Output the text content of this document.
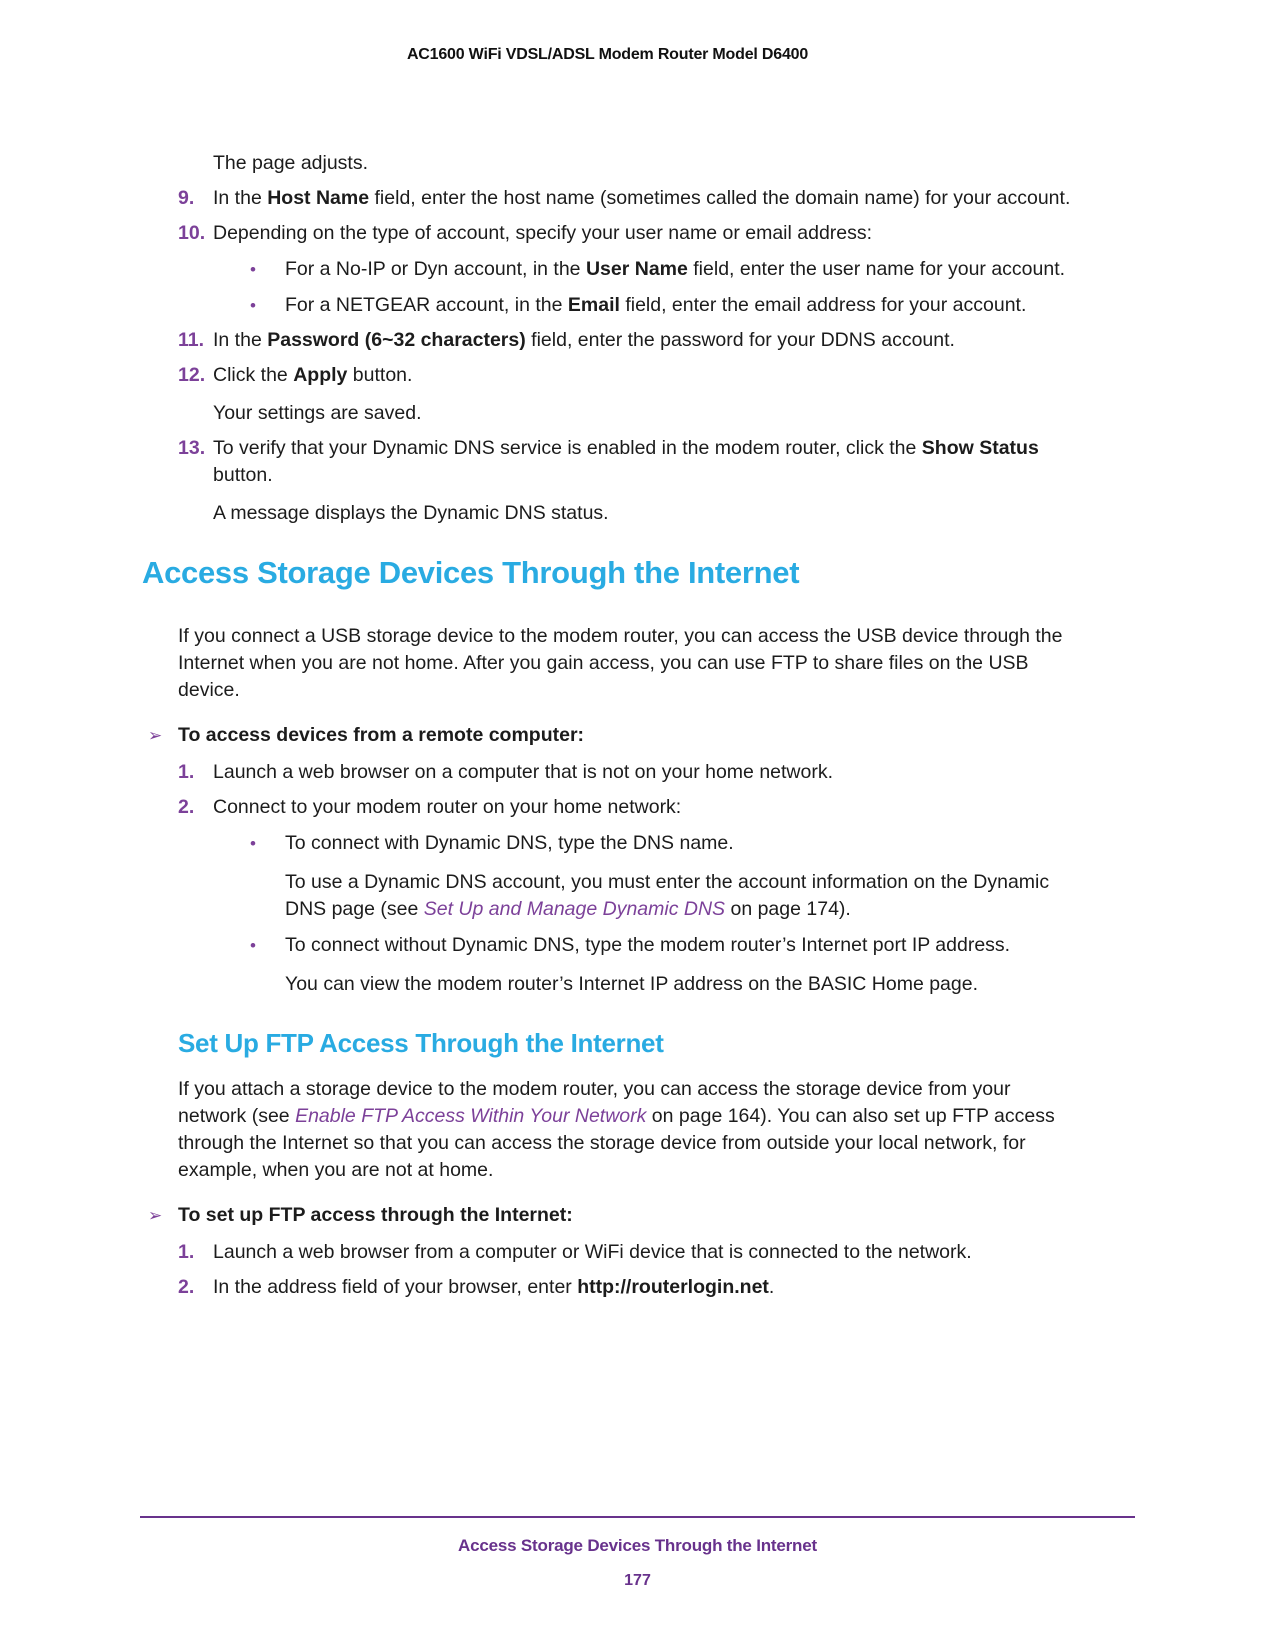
AC1600 WiFi VDSL/ADSL Modem Router Model D6400
The page adjusts.
9. In the Host Name field, enter the host name (sometimes called the domain name) for your account.
10. Depending on the type of account, specify your user name or email address:
•	For a No-IP or Dyn account, in the User Name field, enter the user name for your account.
•	For a NETGEAR account, in the Email field, enter the email address for your account.
11. In the Password (6~32 characters) field, enter the password for your DDNS account.
12. Click the Apply button.
Your settings are saved.
13. To verify that your Dynamic DNS service is enabled in the modem router, click the Show Status button.
A message displays the Dynamic DNS status.
Access Storage Devices Through the Internet
If you connect a USB storage device to the modem router, you can access the USB device through the Internet when you are not home. After you gain access, you can use FTP to share files on the USB device.
➢ To access devices from a remote computer:
1. Launch a web browser on a computer that is not on your home network.
2. Connect to your modem router on your home network:
•	To connect with Dynamic DNS, type the DNS name.
To use a Dynamic DNS account, you must enter the account information on the Dynamic DNS page (see Set Up and Manage Dynamic DNS on page 174).
•	To connect without Dynamic DNS, type the modem router’s Internet port IP address.
You can view the modem router’s Internet IP address on the BASIC Home page.
Set Up FTP Access Through the Internet
If you attach a storage device to the modem router, you can access the storage device from your network (see Enable FTP Access Within Your Network on page 164). You can also set up FTP access through the Internet so that you can access the storage device from outside your local network, for example, when you are not at home.
➢ To set up FTP access through the Internet:
1. Launch a web browser from a computer or WiFi device that is connected to the network.
2. In the address field of your browser, enter http://routerlogin.net.
Access Storage Devices Through the Internet
177
